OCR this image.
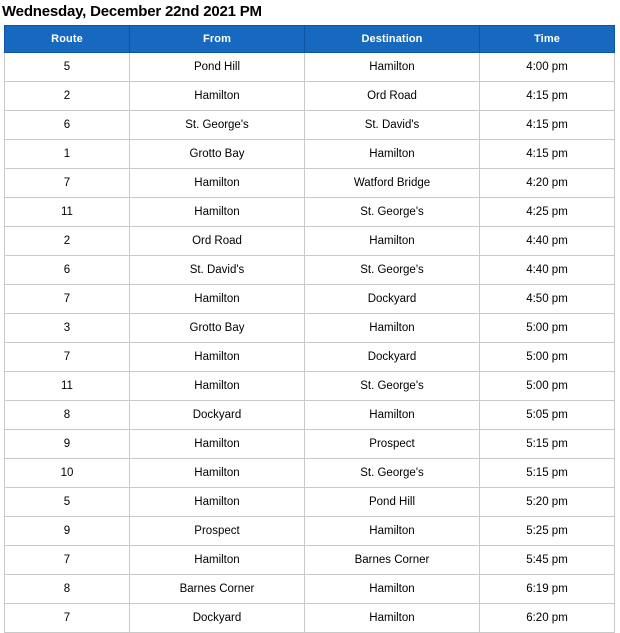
Wednesday, December 22nd 2021 PM
Route	From	Destination	Time
5	Pond Hill	Hamilton	4:00 pm
2	Hamilton	Ord Road	4:15 pm
6	St. George's	St. David's	4:15 pm
1	Grotto Bay	Hamilton	4:15 pm
7	Hamilton	Watford Bridge	4:20 pm
11	Hamilton	St. George's	4:25 pm
2	Ord Road	Hamilton	4:40 pm
6	St. David's	St. George's	4:40 pm
7	Hamilton	Dockyard	4:50 pm
3	Grotto Bay	Hamilton	5:00 pm
7	Hamilton	Dockyard	5:00 pm
11	Hamilton	St. George's	5:00 pm
8	Dockyard	Hamilton	5:05 pm
9	Hamilton	Prospect	5:15 pm
10	Hamilton	St. George's	5:15 pm
5	Hamilton	Pond Hill	5:20 pm
9	Prospect	Hamilton	5:25 pm
7	Hamilton	Barnes Corner	5:45 pm
8	Barnes Corner	Hamilton	6:19 pm
7	Dockyard	Hamilton	6:20 pm
